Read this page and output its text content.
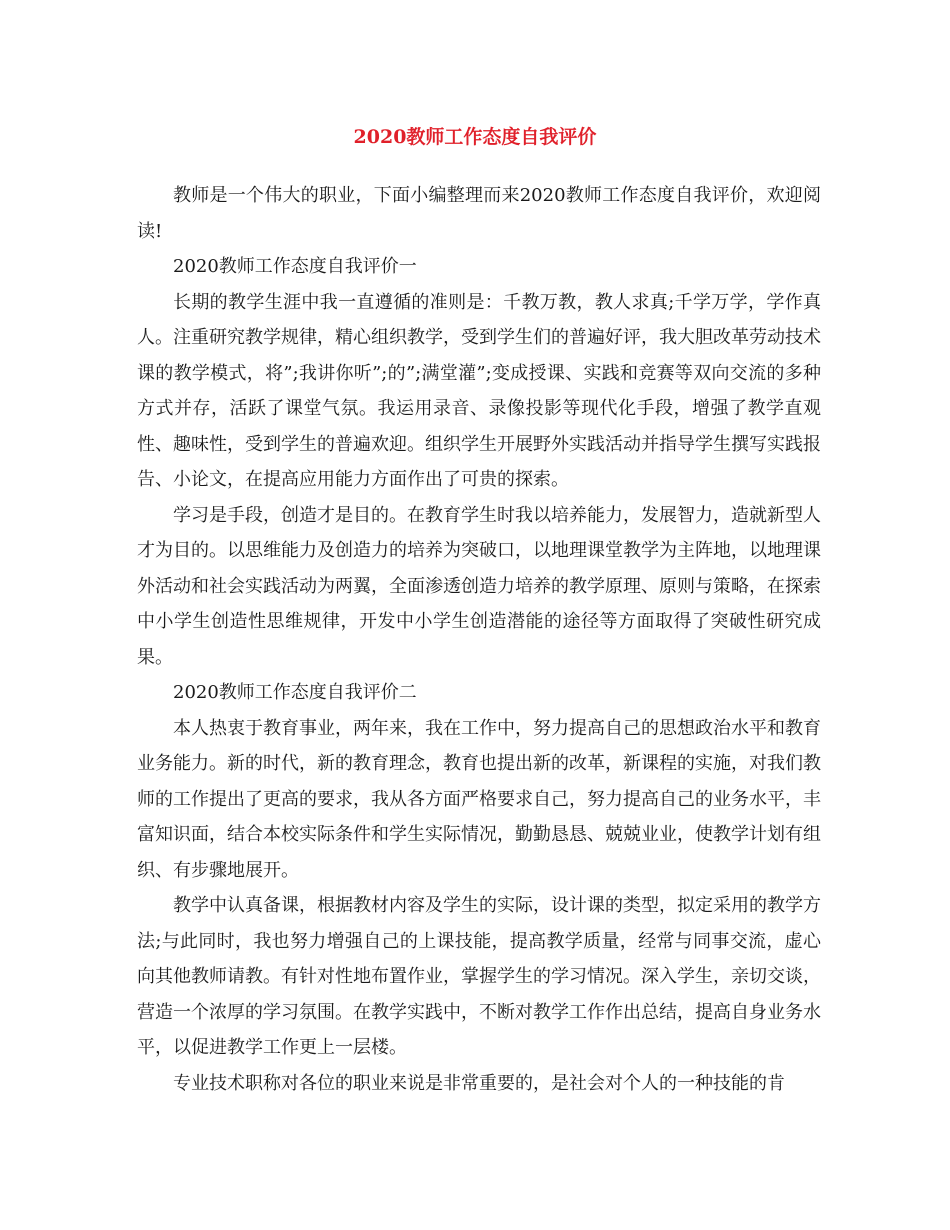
2020教师工作态度自我评价

教师是一个伟大的职业，下面小编整理而来2020教师工作态度自我评价，欢迎阅读!

2020教师工作态度自我评价一

长期的教学生涯中我一直遵循的准则是：千教万教，教人求真;千学万学，学作真人。注重研究教学规律，精心组织教学，受到学生们的普遍好评，我大胆改革劳动技术课的教学模式，将”;我讲你听”;的”;满堂灌”;变成授课、实践和竞赛等双向交流的多种方式并存，活跃了课堂气氛。我运用录音、录像投影等现代化手段，增强了教学直观性、趣味性，受到学生的普遍欢迎。组织学生开展野外实践活动并指导学生撰写实践报告、小论文，在提高应用能力方面作出了可贵的探索。

学习是手段，创造才是目的。在教育学生时我以培养能力，发展智力，造就新型人才为目的。以思维能力及创造力的培养为突破口，以地理课堂教学为主阵地，以地理课外活动和社会实践活动为两翼，全面渗透创造力培养的教学原理、原则与策略，在探索中小学生创造性思维规律，开发中小学生创造潜能的途径等方面取得了突破性研究成果。

2020教师工作态度自我评价二

本人热衷于教育事业，两年来，我在工作中，努力提高自己的思想政治水平和教育业务能力。新的时代，新的教育理念，教育也提出新的改革，新课程的实施，对我们教师的工作提出了更高的要求，我从各方面严格要求自己，努力提高自己的业务水平，丰富知识面，结合本校实际条件和学生实际情况，勤勤恳恳、兢兢业业，使教学计划有组织、有步骤地展开。

教学中认真备课，根据教材内容及学生的实际，设计课的类型，拟定采用的教学方法;与此同时，我也努力增强自己的上课技能，提高教学质量，经常与同事交流，虚心向其他教师请教。有针对性地布置作业，掌握学生的学习情况。深入学生，亲切交谈，营造一个浓厚的学习氛围。在教学实践中，不断对教学工作作出总结，提高自身业务水平，以促进教学工作更上一层楼。

专业技术职称对各位的职业来说是非常重要的，是社会对个人的一种技能的肯
